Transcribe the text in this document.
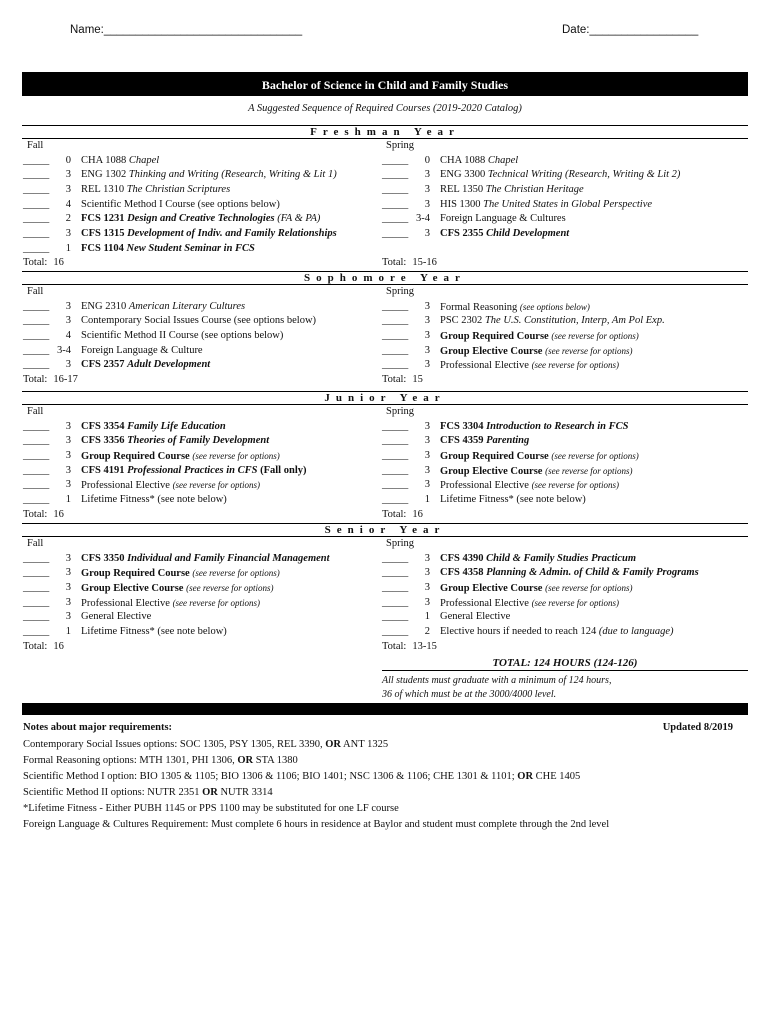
Name:_______________________________	Date:_________________
Bachelor of Science in Child and Family Studies
A Suggested Sequence of Required Courses (2019-2020 Catalog)
Freshman Year
Fall
_____	0 CHA 1088 Chapel
_____	3 ENG 1302 Thinking and Writing (Research, Writing & Lit 1)
_____	3 REL 1310 The Christian Scriptures
_____	4 Scientific Method I Course (see options below)
_____	2 FCS 1231 Design and Creative Technologies (FA & PA)
_____	3 CFS 1315 Development of Indiv. and Family Relationships
_____	1 FCS 1104 New Student Seminar in FCS
Total: 16
Spring
_____	0 CHA 1088 Chapel
_____	3 ENG 3300 Technical Writing (Research, Writing & Lit 2)
_____	3 REL 1350 The Christian Heritage
_____	3 HIS 1300 The United States in Global Perspective
_____ 3-4 Foreign Language & Cultures
_____	3 CFS 2355 Child Development
Total: 15-16
Sophomore Year
Fall
_____	3 ENG 2310 American Literary Cultures
_____	3 Contemporary Social Issues Course (see options below)
_____	4 Scientific Method II Course (see options below)
_____ 3-4 Foreign Language & Culture
_____	3 CFS 2357 Adult Development
Total: 16-17
Spring
_____	3 Formal Reasoning (see options below)
_____	3 PSC 2302 The U.S. Constitution, Interp, Am Pol Exp.
_____	3 Group Required Course (see reverse for options)
_____	3 Group Elective Course (see reverse for options)
_____	3 Professional Elective (see reverse for options)
Total: 15
Junior Year
Fall
_____	3 CFS 3354 Family Life Education
_____	3 CFS 3356 Theories of Family Development
_____	3 Group Required Course (see reverse for options)
_____	3 CFS 4191 Professional Practices in CFS (Fall only)
_____	3 Professional Elective (see reverse for options)
_____	1 Lifetime Fitness* (see note below)
Total: 16
Spring
_____	3 FCS 3304 Introduction to Research in FCS
_____	3 CFS 4359 Parenting
_____	3 Group Required Course (see reverse for options)
_____	3 Group Elective Course (see reverse for options)
_____	3 Professional Elective (see reverse for options)
_____	1 Lifetime Fitness* (see note below)
Total: 16
Senior Year
Fall
_____	3 CFS 3350 Individual and Family Financial Management
_____	3 Group Required Course (see reverse for options)
_____	3 Group Elective Course (see reverse for options)
_____	3 Professional Elective (see reverse for options)
_____	3 General Elective
_____	1 Lifetime Fitness* (see note below)
Total: 16
Spring
_____	3 CFS 4390 Child & Family Studies Practicum
_____	3 CFS 4358 Planning & Admin. of Child & Family Programs
_____	3 Group Elective Course (see reverse for options)
_____	3 Professional Elective (see reverse for options)
_____	1 General Elective
_____	2 Elective hours if needed to reach 124 (due to language)
Total: 13-15
TOTAL: 124 HOURS (124-126)
All students must graduate with a minimum of 124 hours,
36 of which must be at the 3000/4000 level.
Notes about major requirements:	Updated 8/2019
Contemporary Social Issues options: SOC 1305, PSY 1305, REL 3390, OR ANT 1325
Formal Reasoning options: MTH 1301, PHI 1306, OR STA 1380
Scientific Method I option: BIO 1305 & 1105; BIO 1306 & 1106; BIO 1401; NSC 1306 & 1106; CHE 1301 & 1101; OR CHE 1405
Scientific Method II options: NUTR 2351 OR NUTR 3314
*Lifetime Fitness - Either PUBH 1145 or PPS 1100 may be substituted for one LF course
Foreign Language & Cultures Requirement: Must complete 6 hours in residence at Baylor and student must complete through the 2nd level
